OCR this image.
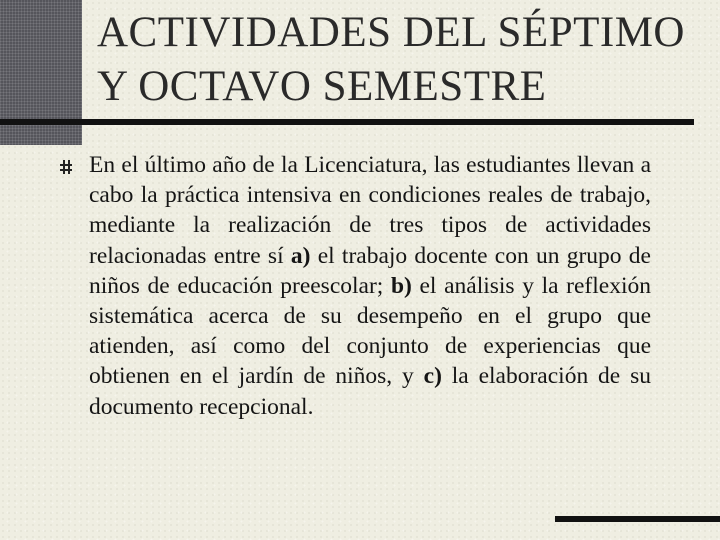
ACTIVIDADES DEL SÉPTIMO
Y OCTAVO SEMESTRE

En el último año de la Licenciatura, las estudiantes llevan a cabo la práctica intensiva en condiciones reales de trabajo, mediante la realización de tres tipos de actividades relacionadas entre sí a) el trabajo docente con un grupo de niños de educación preescolar; b) el análisis y la reflexión sistemática acerca de su desempeño en el grupo que atienden, así como del conjunto de experiencias que obtienen en el jardín de niños, y c) la elaboración de su documento recepcional.
